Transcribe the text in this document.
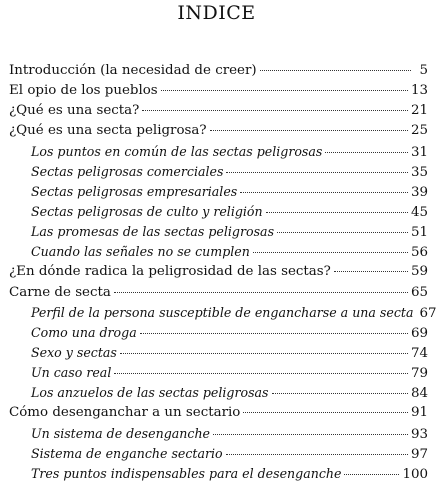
INDICE
Introducción (la necesidad de creer)	5
El opio de los pueblos	13
¿Qué es una secta?	21
¿Qué es una secta peligrosa?	25
Los puntos en común de las sectas peligrosas	31
Sectas peligrosas comerciales	35
Sectas peligrosas empresariales	39
Sectas peligrosas de culto y religión	45
Las promesas de las sectas peligrosas	51
Cuando las señales no se cumplen	56
¿En dónde radica la peligrosidad de las sectas?	59
Carne de secta	65
Perfil de la persona susceptible de engancharse a una secta 67
Como una droga	69
Sexo y sectas	74
Un caso real	79
Los anzuelos de las sectas peligrosas	84
Cómo desenganchar a un sectario	91
Un sistema de desenganche	93
Sistema de enganche sectario	97
Tres puntos indispensables para el desenganche	100
